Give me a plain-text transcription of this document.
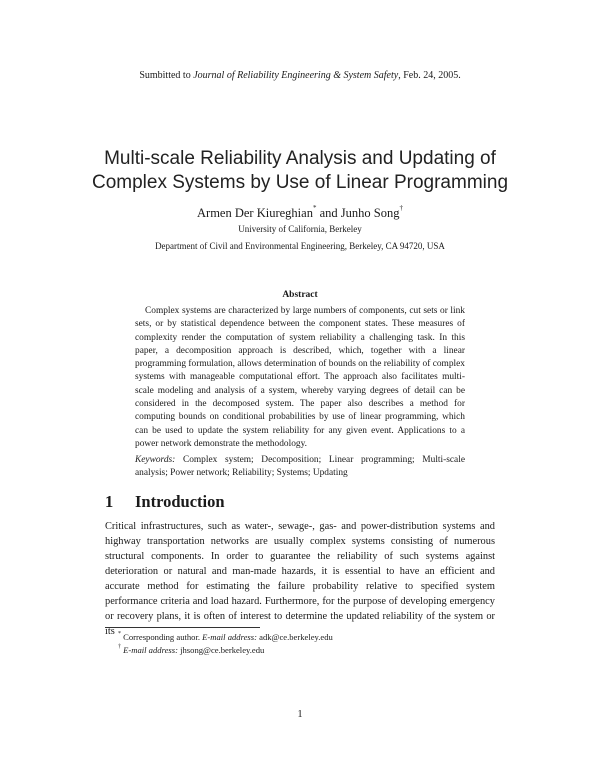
Sumbitted to Journal of Reliability Engineering & System Safety, Feb. 24, 2005.
Multi-scale Reliability Analysis and Updating of
Complex Systems by Use of Linear Programming
Armen Der Kiureghian* and Junho Song†
University of California, Berkeley
Department of Civil and Environmental Engineering, Berkeley, CA 94720, USA
Abstract
Complex systems are characterized by large numbers of components, cut sets or link sets, or by statistical dependence between the component states. These measures of complexity render the computation of system reliability a challenging task. In this paper, a decomposition approach is described, which, together with a linear programming formulation, allows determination of bounds on the reliability of complex systems with manageable computational effort. The approach also facilitates multi-scale modeling and analysis of a system, whereby varying degrees of detail can be considered in the decomposed system. The paper also describes a method for computing bounds on conditional probabilities by use of linear programming, which can be used to update the system reliability for any given event. Applications to a power network demonstrate the methodology.
Keywords: Complex system; Decomposition; Linear programming; Multi-scale analysis; Power network; Reliability; Systems; Updating
1 Introduction
Critical infrastructures, such as water-, sewage-, gas- and power-distribution systems and highway transportation networks are usually complex systems consisting of numerous structural components. In order to guarantee the reliability of such systems against deterioration or natural and man-made hazards, it is essential to have an efficient and accurate method for estimating the failure probability relative to specified system performance criteria and load hazard. Furthermore, for the purpose of developing emergency or recovery plans, it is often of interest to determine the updated reliability of the system or its * Corresponding author. E-mail address: adk@ce.berkeley.edu
† E-mail address: jhsong@ce.berkeley.edu
1
